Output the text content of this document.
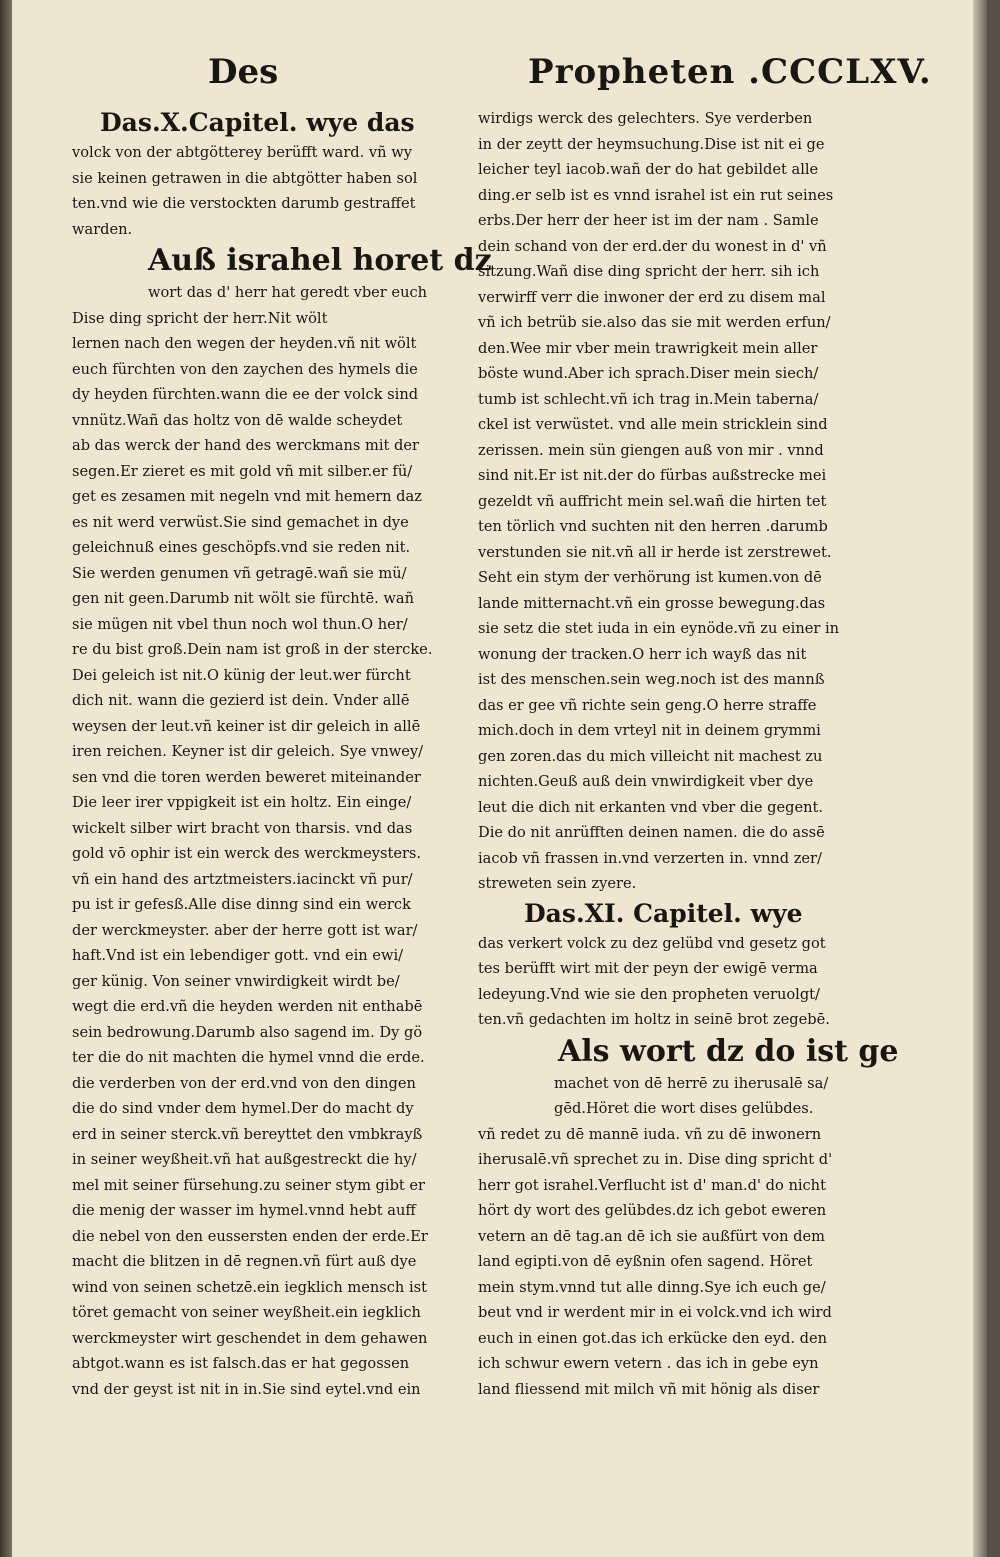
Des	Propheten .CCCLXV.
Das.X.Capitel. wye das
volck von der abtgötterey berüfft ward. vñ wy
sie keinen getrawen in die abtgötter haben sol
ten.vnd wie die verstockten darumb gestraffet
warden.
Auß israhel horet dz
wort das d' herr hat geredt vber euch
Dise ding spricht der herr.Nit wölt
lernen nach den wegen der heyden.vñ nit wölt
euch fürchten von den zaychen des hymels die
dy heyden fürchten.wann die ee der volck sind
vnnütz.Wañ das holtz von dē walde scheydet
ab das werck der hand des werckmans mit der
segen.Er zieret es mit gold vñ mit silber.er fü/
get es zesamen mit negeln vnd mit hemern daz
es nit werd verwüst.Sie sind gemachet in dye
geleichnuß eines geschöpfs.vnd sie reden nit.
Sie werden genumen vñ getragē.wañ sie mü/
gen nit geen.Darumb nit wölt sie fürchtē. wañ
sie mügen nit vbel thun noch wol thun.O her/
re du bist groß.Dein nam ist groß in der stercke.
Dei geleich ist nit.O künig der leut.wer fürcht
dich nit. wann die gezierd ist dein. Vnder allē
weysen der leut.vñ keiner ist dir geleich in allē
iren reichen. Keyner ist dir geleich. Sye vnwey/
sen vnd die toren werden beweret miteinander
Die leer irer vppigkeit ist ein holtz. Ein einge/
wickelt silber wirt bracht von tharsis. vnd das
gold vō ophir ist ein werck des werckmeysters.
vñ ein hand des artztmeisters.iacinckt vñ pur/
pu ist ir gefesß.Alle dise dinng sind ein werck
der werckmeyster. aber der herre gott ist war/
haft.Vnd ist ein lebendiger gott. vnd ein ewi/
ger künig. Von seiner vnwirdigkeit wirdt be/
wegt die erd.vñ die heyden werden nit enthabē
sein bedrowung.Darumb also sagend im. Dy gö
ter die do nit machten die hymel vnnd die erde.
die verderben von der erd.vnd von den dingen
die do sind vnder dem hymel.Der do macht dy
erd in seiner sterck.vñ bereyttet den vmbkrayß
in seiner weyßheit.vñ hat außgestreckt die hy/
mel mit seiner fürsehung.zu seiner stym gibt er
die menig der wasser im hymel.vnnd hebt auff
die nebel von den eussersten enden der erde.Er
macht die blitzen in dē regnen.vñ fürt auß dye
wind von seinen schetzē.ein iegklich mensch ist
töret gemacht von seiner weyßheit.ein iegklich
werckmeyster wirt geschendet in dem gehawen
abtgot.wann es ist falsch.das er hat gegossen
vnd der geyst ist nit in in.Sie sind eytel.vnd ein
wirdigs werck des gelechters. Sye verderben
in der zeytt der heymsuchung.Dise ist nit ei ge
leicher teyl iacob.wañ der do hat gebildet alle
ding.er selb ist es vnnd israhel ist ein rut seines
erbs.Der herr der heer ist im der nam . Samle
dein schand von der erd.der du wonest in d' vñ
sitzung.Wañ dise ding spricht der herr. sih ich
verwirff verr die inwoner der erd zu disem mal
vñ ich betrüb sie.also das sie mit werden erfun/
den.Wee mir vber mein trawrigkeit mein aller
böste wund.Aber ich sprach.Diser mein siech/
tumb ist schlecht.vñ ich trag in.Mein taberna/
ckel ist verwüstet. vnd alle mein stricklein sind
zerissen. mein sün giengen auß von mir . vnnd
sind nit.Er ist nit.der do fürbas außstrecke mei
gezeldt vñ auffricht mein sel.wañ die hirten tet
ten törlich vnd suchten nit den herren .darumb
verstunden sie nit.vñ all ir herde ist zerstrewet.
Seht ein stym der verhörung ist kumen.von dē
lande mitternacht.vñ ein grosse bewegung.das
sie setz die stet iuda in ein eynöde.vñ zu einer in
wonung der tracken.O herr ich wayß das nit
ist des menschen.sein weg.noch ist des mannß
das er gee vñ richte sein geng.O herre straffe
mich.doch in dem vrteyl nit in deinem grymmi
gen zoren.das du mich villeicht nit machest zu
nichten.Geuß auß dein vnwirdigkeit vber dye
leut die dich nit erkanten vnd vber die gegent.
Die do nit anrüfften deinen namen. die do assē
iacob vñ frassen in.vnd verzerten in. vnnd zer/
streweten sein zyere.
Das.XI. Capitel. wye
das verkert volck zu dez gelübd vnd gesetz got
tes berüfft wirt mit der peyn der ewigē verma
ledeyung.Vnd wie sie den propheten veruolgt/
ten.vñ gedachten im holtz in seinē brot zegebē.
Als wort dz do ist ge
machet von dē herrē zu iherusalē sa/
gēd.Höret die wort dises gelübdes.
vñ redet zu dē mannē iuda. vñ zu dē inwonern
iherusalē.vñ sprechet zu in. Dise ding spricht d'
herr got israhel.Verflucht ist d' man.d' do nicht
hört dy wort des gelübdes.dz ich gebot eweren
vetern an dē tag.an dē ich sie außfürt von dem
land egipti.von dē eyßnin ofen sagend. Höret
mein stym.vnnd tut alle dinng.Sye ich euch ge/
beut vnd ir werdent mir in ei volck.vnd ich wird
euch in einen got.das ich erkücke den eyd. den
ich schwur ewern vetern . das ich in gebe eyn
land fliessend mit milch vñ mit hönig als diser
